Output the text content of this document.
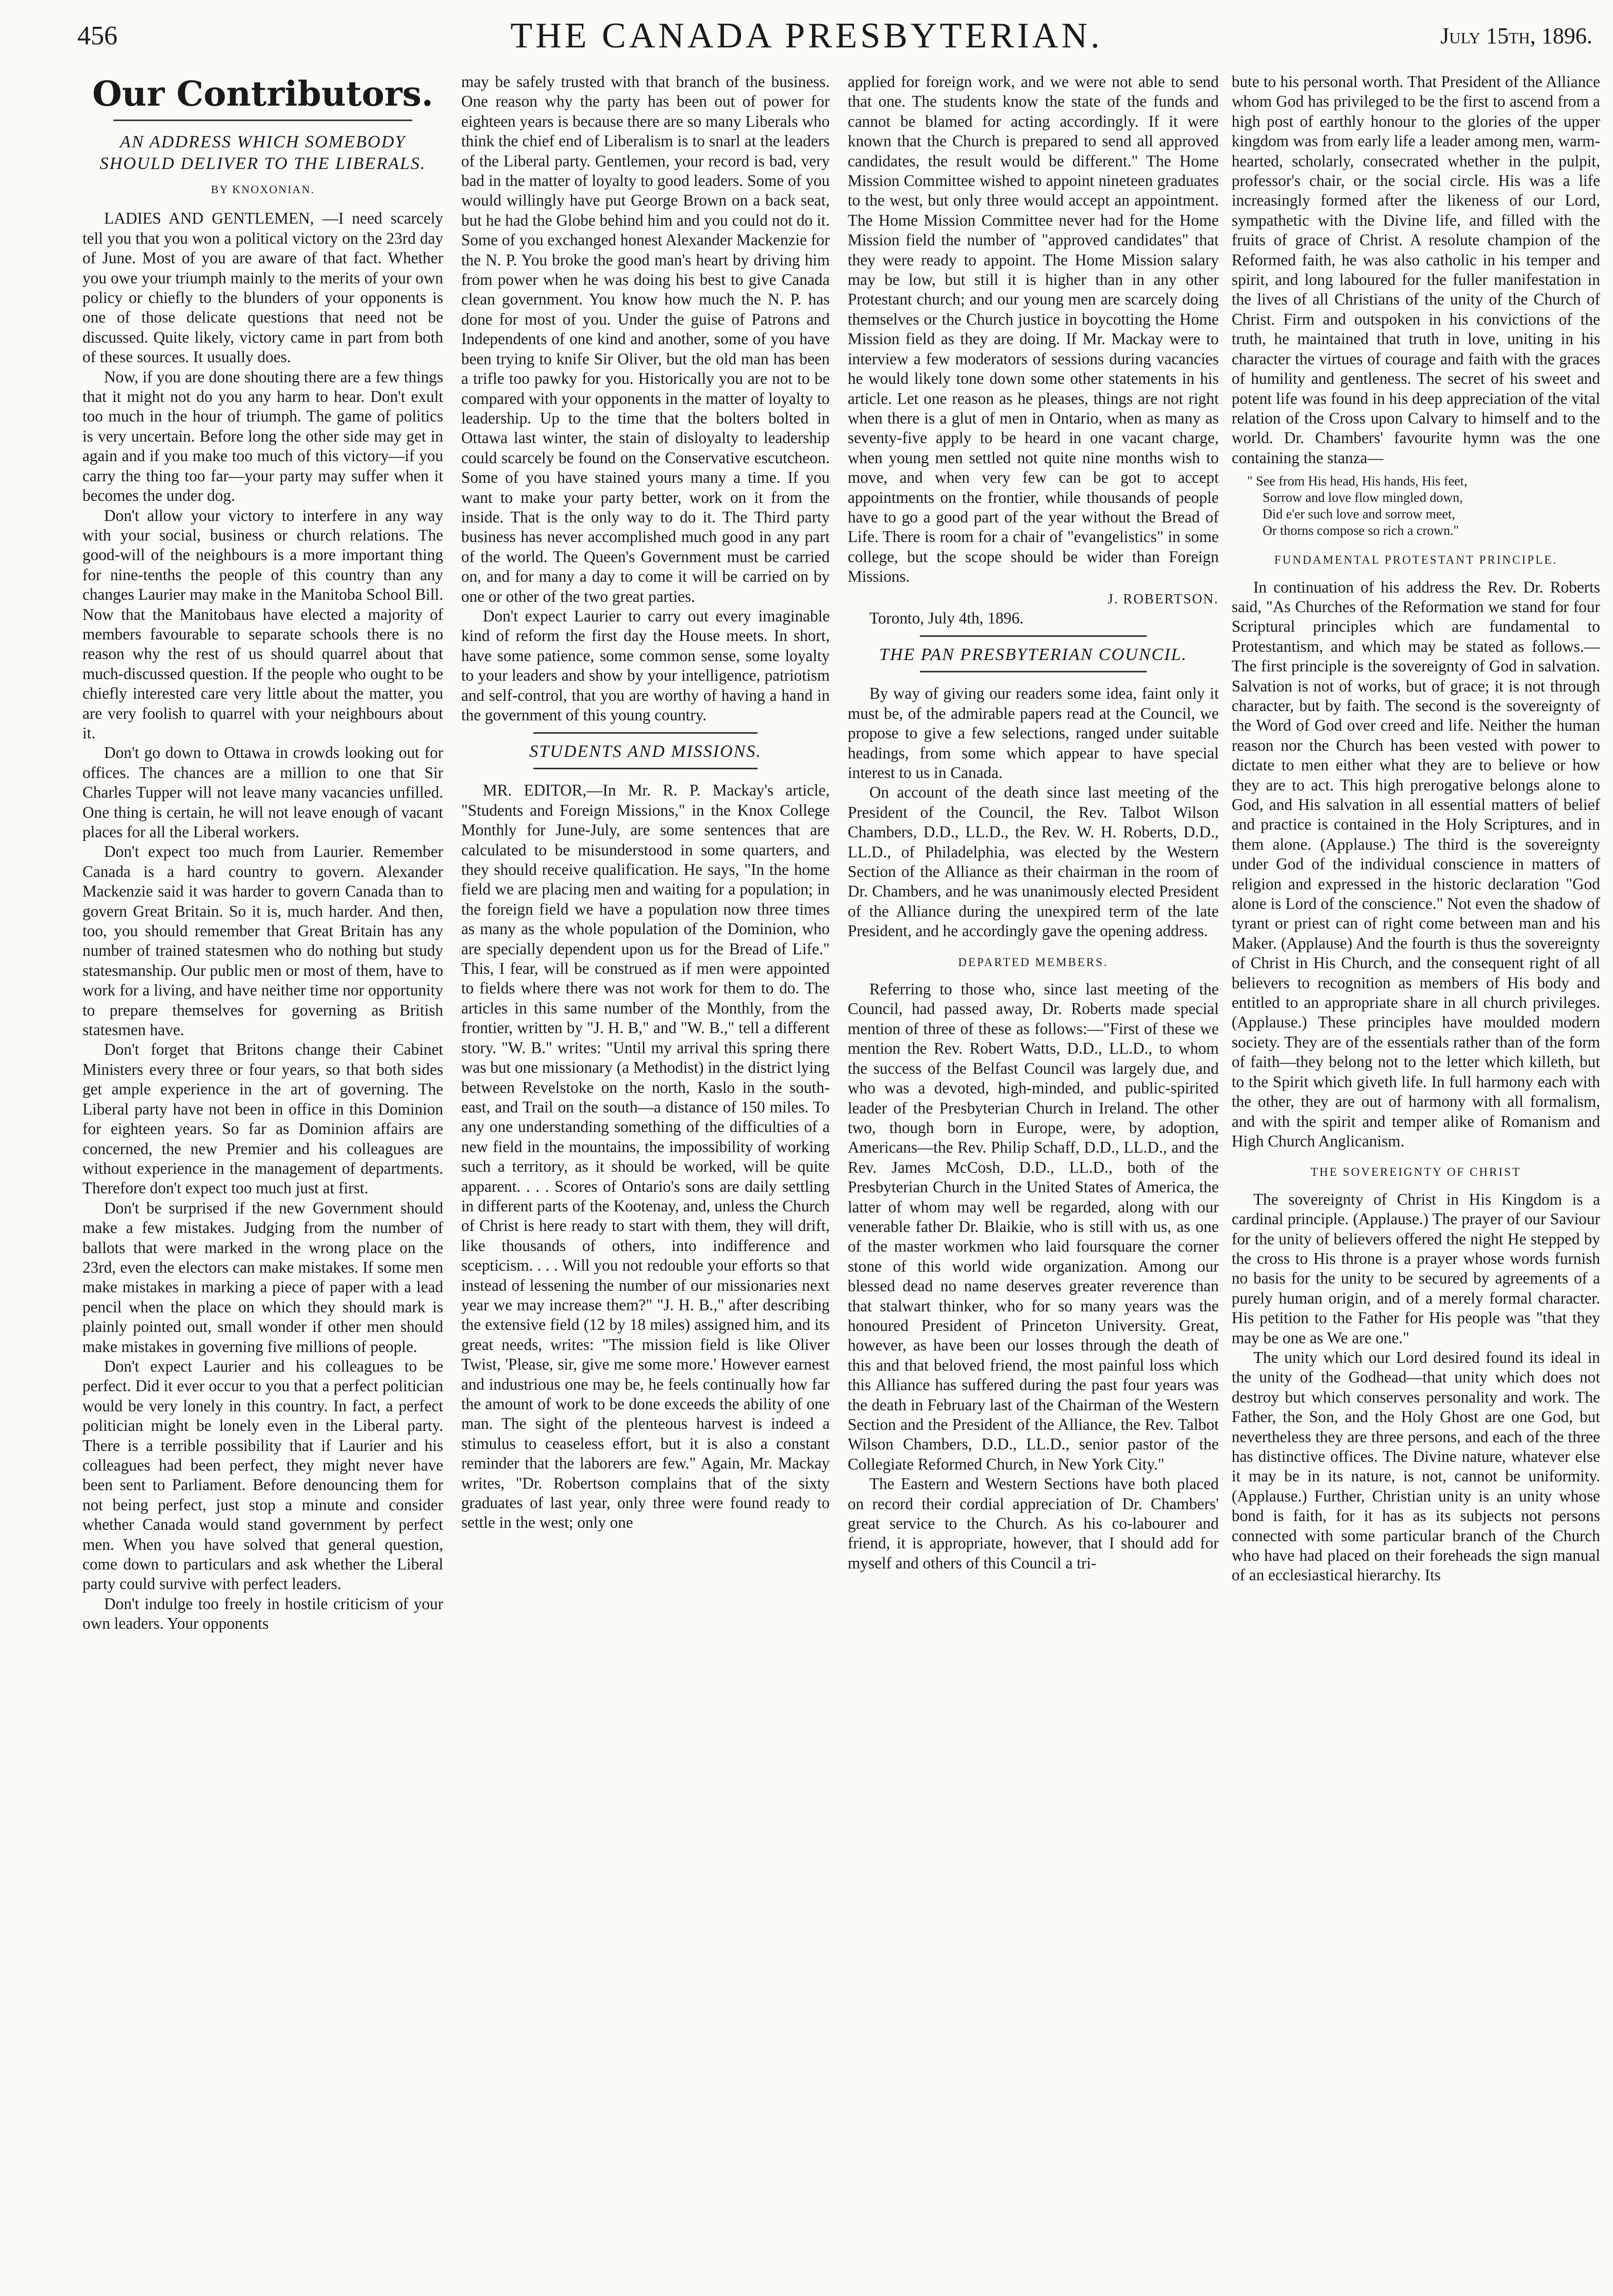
456	THE CANADA PRESBYTERIAN.	July 15th, 1896.
Our Contributors.
AN ADDRESS WHICH SOMEBODY SHOULD DELIVER TO THE LIBERALS.
BY KNOXONIAN.

LADIES AND GENTLEMEN, —I need scarcely tell you that you won a political victory on the 23rd day of June. Most of you are aware of that fact. Whether you owe your triumph mainly to the merits of your own policy or chiefly to the blunders of your opponents is one of those delicate questions that need not be discussed. Quite likely, victory came in part from both of these sources. It usually does.

Now, if you are done shouting there are a few things that it might not do you any harm to hear. Don't exult too much in the hour of triumph. The game of politics is very uncertain. Before long the other side may get in again and if you make too much of this victory—if you carry the thing too far—your party may suffer when it becomes the under dog.

Don't allow your victory to interfere in any way with your social, business or church relations. The good-will of the neighbours is a more important thing for nine-tenths the people of this country than any changes Laurier may make in the Manitoba School Bill. Now that the Manitobaus have elected a majority of members favourable to separate schools there is no reason why the rest of us should quarrel about that much-discussed question. If the people who ought to be chiefly interested care very little about the matter, you are very foolish to quarrel with your neighbours about it.

Don't go down to Ottawa in crowds looking out for offices. The chances are a million to one that Sir Charles Tupper will not leave many vacancies unfilled. One thing is certain, he will not leave enough of vacant places for all the Liberal workers.

Don't expect too much from Laurier. Remember Canada is a hard country to govern. Alexander Mackenzie said it was harder to govern Canada than to govern Great Britain. So it is, much harder. And then, too, you should remember that Great Britain has any number of trained statesmen who do nothing but study statesmanship. Our public men or most of them, have to work for a living, and have neither time nor opportunity to prepare themselves for governing as British statesmen have.

Don't forget that Britons change their Cabinet Ministers every three or four years, so that both sides get ample experience in the art of governing. The Liberal party have not been in office in this Dominion for eighteen years. So far as Dominion affairs are concerned, the new Premier and his colleagues are without experience in the management of departments. Therefore don't expect too much just at first.

Don't be surprised if the new Government should make a few mistakes. Judging from the number of ballots that were marked in the wrong place on the 23rd, even the electors can make mistakes. If some men make mistakes in marking a piece of paper with a lead pencil when the place on which they should mark is plainly pointed out, small wonder if other men should make mistakes in governing five millions of people.

Don't expect Laurier and his colleagues to be perfect. Did it ever occur to you that a perfect politician would be very lonely in this country. In fact, a perfect politician might be lonely even in the Liberal party. There is a terrible possibility that if Laurier and his colleagues had been perfect, they might never have been sent to Parliament. Before denouncing them for not being perfect, just stop a minute and consider whether Canada would stand government by perfect men. When you have solved that general question, come down to particulars and ask whether the Liberal party could survive with perfect leaders.

Don't indulge too freely in hostile criticism of your own leaders. Your opponents

may be safely trusted with that branch of the business. One reason why the party has been out of power for eighteen years is because there are so many Liberals who think the chief end of Liberalism is to snarl at the leaders of the Liberal party. Gentlemen, your record is bad, very bad in the matter of loyalty to good leaders. Some of you would willingly have put George Brown on a back seat, but he had the Globe behind him and you could not do it. Some of you exchanged honest Alexander Mackenzie for the N. P. You broke the good man's heart by driving him from power when he was doing his best to give Canada clean government. You know how much the N. P. has done for most of you. Under the guise of Patrons and Independents of one kind and another, some of you have been trying to knife Sir Oliver, but the old man has been a trifle too pawky for you. Historically you are not to be compared with your opponents in the matter of loyalty to leadership. Up to the time that the bolters bolted in Ottawa last winter, the stain of disloyalty to leadership could scarcely be found on the Conservative escutcheon. Some of you have stained yours many a time. If you want to make your party better, work on it from the inside. That is the only way to do it. The Third party business has never accomplished much good in any part of the world. The Queen's Government must be carried on, and for many a day to come it will be carried on by one or other of the two great parties.

Don't expect Laurier to carry out every imaginable kind of reform the first day the House meets. In short, have some patience, some common sense, some loyalty to your leaders and show by your intelligence, patriotism and self-control, that you are worthy of having a hand in the government of this young country.

STUDENTS AND MISSIONS.

MR. EDITOR,—In Mr. R. P. Mackay's article, "Students and Foreign Missions," in the Knox College Monthly for June-July, are some sentences that are calculated to be misunderstood in some quarters, and they should receive qualification. He says, "In the home field we are placing men and waiting for a population; in the foreign field we have a population now three times as many as the whole population of the Dominion, who are specially dependent upon us for the Bread of Life." This, I fear, will be construed as if men were appointed to fields where there was not work for them to do. The articles in this same number of the Monthly, from the frontier, written by "J. H. B," and "W. B.," tell a different story. "W. B." writes: "Until my arrival this spring there was but one missionary (a Methodist) in the district lying between Revelstoke on the north, Kaslo in the south-east, and Trail on the south—a distance of 150 miles. To any one understanding something of the difficulties of a new field in the mountains, the impossibility of working such a territory, as it should be worked, will be quite apparent. . . . Scores of Ontario's sons are daily settling in different parts of the Kootenay, and, unless the Church of Christ is here ready to start with them, they will drift, like thousands of others, into indifference and scepticism. . . . Will you not redouble your efforts so that instead of lessening the number of our missionaries next year we may increase them?" "J. H. B.," after describing the extensive field (12 by 18 miles) assigned him, and its great needs, writes: "The mission field is like Oliver Twist, 'Please, sir, give me some more.' However earnest and industrious one may be, he feels continually how far the amount of work to be done exceeds the ability of one man. The sight of the plenteous harvest is indeed a stimulus to ceaseless effort, but it is also a constant reminder that the laborers are few." Again, Mr. Mackay writes, "Dr. Robertson complains that of the sixty graduates of last year, only three were found ready to settle in the west; only one

applied for foreign work, and we were not able to send that one. The students know the state of the funds and cannot be blamed for acting accordingly. If it were known that the Church is prepared to send all approved candidates, the result would be different." The Home Mission Committee wished to appoint nineteen graduates to the west, but only three would accept an appointment. The Home Mission Committee never had for the Home Mission field the number of "approved candidates" that they were ready to appoint. The Home Mission salary may be low, but still it is higher than in any other Protestant church; and our young men are scarcely doing themselves or the Church justice in boycotting the Home Mission field as they are doing. If Mr. Mackay were to interview a few moderators of sessions during vacancies he would likely tone down some other statements in his article. Let one reason as he pleases, things are not right when there is a glut of men in Ontario, when as many as seventy-five apply to be heard in one vacant charge, when young men settled not quite nine months wish to move, and when very few can be got to accept appointments on the frontier, while thousands of people have to go a good part of the year without the Bread of Life. There is room for a chair of "evangelistics" in some college, but the scope should be wider than Foreign Missions.

J. ROBERTSON.

Toronto, July 4th, 1896.

THE PAN PRESBYTERIAN COUNCIL.

By way of giving our readers some idea, faint only it must be, of the admirable papers read at the Council, we propose to give a few selections, ranged under suitable headings, from some which appear to have special interest to us in Canada.

On account of the death since last meeting of the President of the Council, the Rev. Talbot Wilson Chambers, D.D., LL.D., the Rev. W. H. Roberts, D.D., LL.D., of Philadelphia, was elected by the Western Section of the Alliance as their chairman in the room of Dr. Chambers, and he was unanimously elected President of the Alliance during the unexpired term of the late President, and he accordingly gave the opening address.

DEPARTED MEMBERS.

Referring to those who, since last meeting of the Council, had passed away, Dr. Roberts made special mention of three of these as follows:—"First of these we mention the Rev. Robert Watts, D.D., LL.D., to whom the success of the Belfast Council was largely due, and who was a devoted, high-minded, and public-spirited leader of the Presbyterian Church in Ireland. The other two, though born in Europe, were, by adoption, Americans—the Rev. Philip Schaff, D.D., LL.D., and the Rev. James McCosh, D.D., LL.D., both of the Presbyterian Church in the United States of America, the latter of whom may well be regarded, along with our venerable father Dr. Blaikie, who is still with us, as one of the master workmen who laid foursquare the corner stone of this world wide organization. Among our blessed dead no name deserves greater reverence than that stalwart thinker, who for so many years was the honoured President of Princeton University. Great, however, as have been our losses through the death of this and that beloved friend, the most painful loss which this Alliance has suffered during the past four years was the death in February last of the Chairman of the Western Section and the President of the Alliance, the Rev. Talbot Wilson Chambers, D.D., LL.D., senior pastor of the Collegiate Reformed Church, in New York City."

The Eastern and Western Sections have both placed on record their cordial appreciation of Dr. Chambers' great service to the Church. As his co-labourer and friend, it is appropriate, however, that I should add for myself and others of this Council a tri-

bute to his personal worth. That President of the Alliance whom God has privileged to be the first to ascend from a high post of earthly honour to the glories of the upper kingdom was from early life a leader among men, warm-hearted, scholarly, consecrated whether in the pulpit, professor's chair, or the social circle. His was a life increasingly formed after the likeness of our Lord, sympathetic with the Divine life, and filled with the fruits of grace of Christ. A resolute champion of the Reformed faith, he was also catholic in his temper and spirit, and long laboured for the fuller manifestation in the lives of all Christians of the unity of the Church of Christ. Firm and outspoken in his convictions of the truth, he maintained that truth in love, uniting in his character the virtues of courage and faith with the graces of humility and gentleness. The secret of his sweet and potent life was found in his deep appreciation of the vital relation of the Cross upon Calvary to himself and to the world. Dr. Chambers' favourite hymn was the one containing the stanza—

" See from His head, His hands, His feet,
Sorrow and love flow mingled down,
Did e'er such love and sorrow meet,
Or thorns compose so rich a crown."
FUNDAMENTAL PROTESTANT PRINCIPLE.

In continuation of his address the Rev. Dr. Roberts said, "As Churches of the Reformation we stand for four Scriptural principles which are fundamental to Protestantism, and which may be stated as follows.—The first principle is the sovereignty of God in salvation. Salvation is not of works, but of grace; it is not through character, but by faith. The second is the sovereignty of the Word of God over creed and life. Neither the human reason nor the Church has been vested with power to dictate to men either what they are to believe or how they are to act. This high prerogative belongs alone to God, and His salvation in all essential matters of belief and practice is contained in the Holy Scriptures, and in them alone. (Applause.) The third is the sovereignty under God of the individual conscience in matters of religion and expressed in the historic declaration "God alone is Lord of the conscience." Not even the shadow of tyrant or priest can of right come between man and his Maker. (Applause) And the fourth is thus the sovereignty of Christ in His Church, and the consequent right of all believers to recognition as members of His body and entitled to an appropriate share in all church privileges. (Applause.) These principles have moulded modern society. They are of the essentials rather than of the form of faith—they belong not to the letter which killeth, but to the Spirit which giveth life. In full harmony each with the other, they are out of harmony with all formalism, and with the spirit and temper alike of Romanism and High Church Anglicanism.

THE SOVEREIGNTY OF CHRIST

The sovereignty of Christ in His Kingdom is a cardinal principle. (Applause.) The prayer of our Saviour for the unity of believers offered the night He stepped by the cross to His throne is a prayer whose words furnish no basis for the unity to be secured by agreements of a purely human origin, and of a merely formal character. His petition to the Father for His people was "that they may be one as We are one."

The unity which our Lord desired found its ideal in the unity of the Godhead—that unity which does not destroy but which conserves personality and work. The Father, the Son, and the Holy Ghost are one God, but nevertheless they are three persons, and each of the three has distinctive offices. The Divine nature, whatever else it may be in its nature, is not, cannot be uniformity. (Applause.) Further, Christian unity is an unity whose bond is faith, for it has as its subjects not persons connected with some particular branch of the Church who have had placed on their foreheads the sign manual of an ecclesiastical hierarchy. Its
